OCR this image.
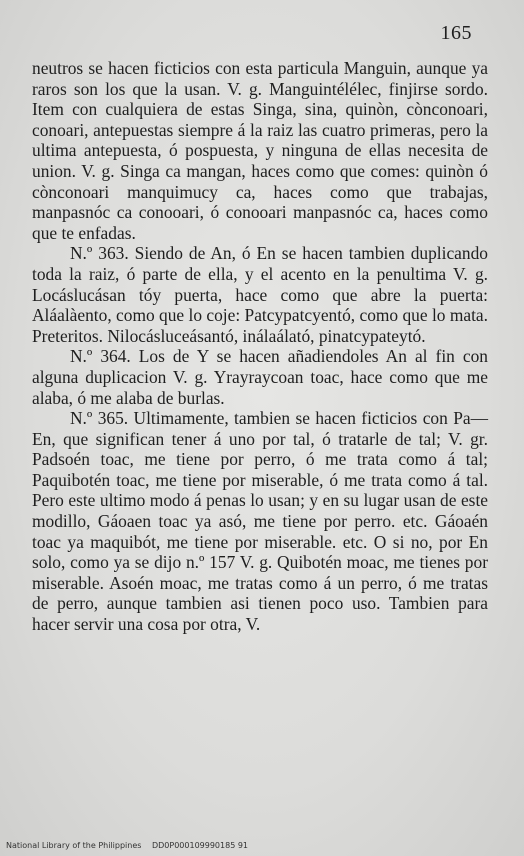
165

neutros se hacen ficticios con esta particula Manguin, aunque ya raros son los que la usan. V. g. Manguintélélec, finjirse sordo. Item con cualquiera de estas Singa, sina, quinòn, cònconoari, conoari, antepuestas siempre á la raiz las cuatro primeras, pero la ultima antepuesta, ó pospuesta, y ninguna de ellas necesita de union. V. g. Singa ca mangan, haces como que comes: quinòn ó cònconoari manquimucy ca, haces como que trabajas, manpasnóc ca conooari, ó conooari manpasnóc ca, haces como que te enfadas.

N.º 363. Siendo de An, ó En se hacen tambien duplicando toda la raiz, ó parte de ella, y el acento en la penultima V. g. Locáslucásan tóy puerta, hace como que abre la puerta: Aláalàento, como que lo coje: Patcypatcyentó, como que lo mata. Preteritos. Nilocásluceásantó, inálaálató, pinatcypateytó.

N.º 364. Los de Y se hacen añadiendoles An al fin con alguna duplicacion V. g. Yrayraycoan toac, hace como que me alaba, ó me alaba de burlas.

N.º 365. Ultimamente, tambien se hacen ficticios con Pa—En, que significan tener á uno por tal, ó tratarle de tal; V. gr. Padsoén toac, me tiene por perro, ó me trata como á tal; Paquibotén toac, me tiene por miserable, ó me trata como á tal. Pero este ultimo modo á penas lo usan; y en su lugar usan de este modillo, Gáoaen toac ya asó, me tiene por perro. etc. Gáoaén toac ya maquibót, me tiene por miserable. etc. O si no, por En solo, como ya se dijo n.º 157 V. g. Quibotén moac, me tienes por miserable. Asoén moac, me tratas como á un perro, ó me tratas de perro, aunque tambien asi tienen poco uso. Tambien para hacer servir una cosa por otra, V.

National Library of the Philippines DD0P000109990185 91
